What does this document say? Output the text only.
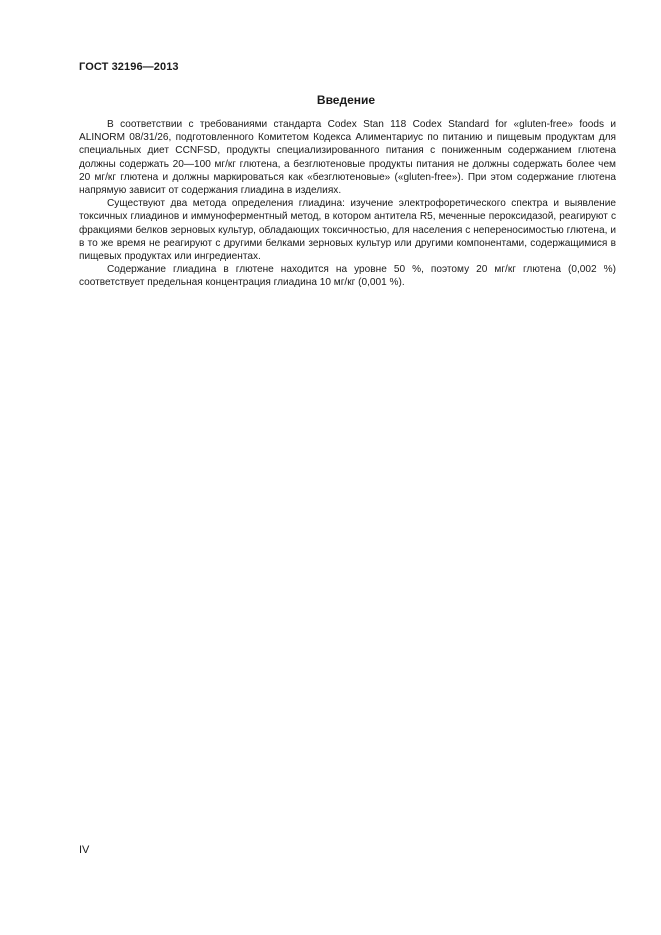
ГОСТ 32196—2013
Введение

В соответствии с требованиями стандарта Codex Stan 118 Codex Standard for «gluten-free» foods и ALINORM 08/31/26, подготовленного Комитетом Кодекса Алиментариус по питанию и пищевым продуктам для специальных диет CCNFSD, продукты специализированного питания с пониженным содержанием глютена должны содержать 20—100 мг/кг глютена, а безглютеновые продукты питания не должны содержать более чем 20 мг/кг глютена и должны маркироваться как «безглютеновые» («gluten-free»). При этом содержание глютена напрямую зависит от содержания глиадина в изделиях.

Существуют два метода определения глиадина: изучение электрофоретического спектра и выявление токсичных глиадинов и иммуноферментный метод, в котором антитела R5, меченные пероксидазой, реагируют с фракциями белков зерновых культур, обладающих токсичностью, для населения с непереносимостью глютена, и в то же время не реагируют с другими белками зерновых культур или другими компонентами, содержащимися в пищевых продуктах или ингредиентах.

Содержание глиадина в глютене находится на уровне 50 %, поэтому 20 мг/кг глютена (0,002 %) соответствует предельная концентрация глиадина 10 мг/кг (0,001 %).

IV
